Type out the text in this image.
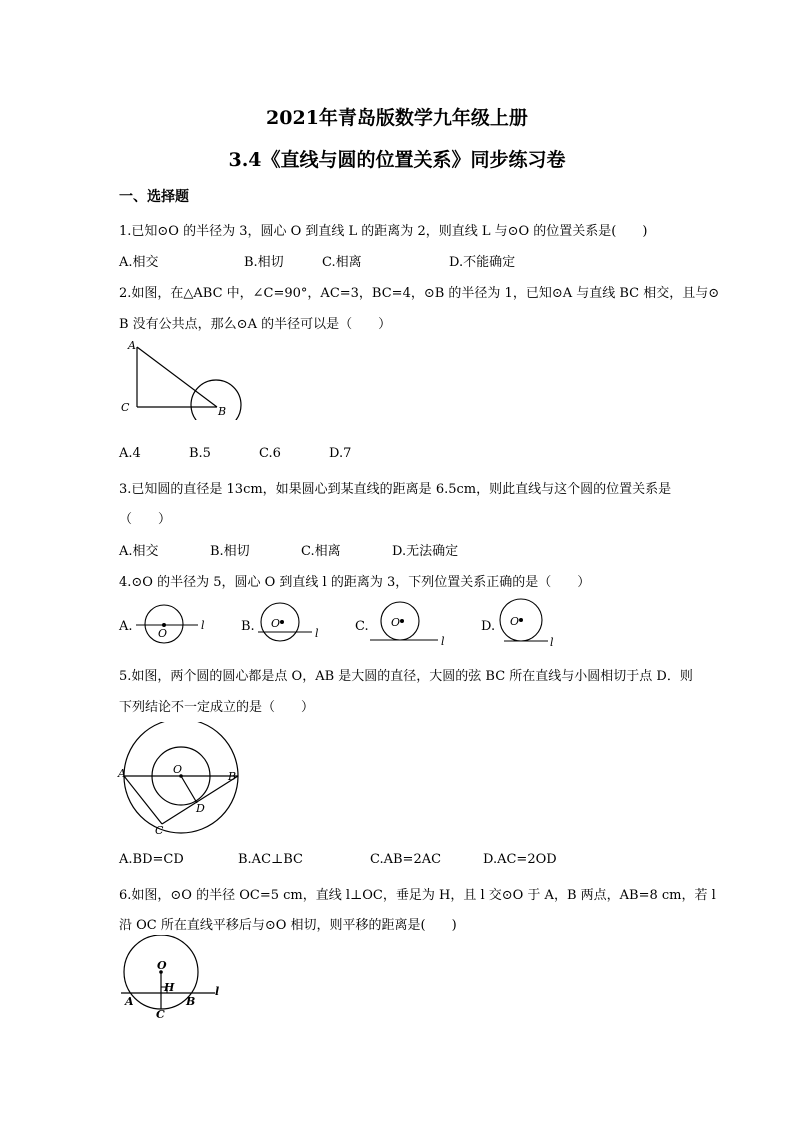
2021年青岛版数学九年级上册
3.4《直线与圆的位置关系》同步练习卷
一、选择题
1.已知⊙O 的半径为 3，圆心 O 到直线 L 的距离为 2，则直线 L 与⊙O 的位置关系是(　　)
A.相交	B.相切	C.相离	D.不能确定
2.如图，在△ABC 中，∠C=90°，AC=3，BC=4，⊙B 的半径为 1，已知⊙A 与直线 BC 相交，且与⊙
B 没有公共点，那么⊙A 的半径可以是（　　）
A
C	B
A.4	B.5	C.6	D.7
3.已知圆的直径是 13cm，如果圆心到某直线的距离是 6.5cm，则此直线与这个圆的位置关系是
（　　）
A.相交	B.相切	C.相离	D.无法确定
4.⊙O 的半径为 5，圆心 O 到直线 l 的距离为 3，下列位置关系正确的是（　　）
A. O
l	B. O
l	C. O
l
D. O
l
5.如图，两个圆的圆心都是点 O，AB 是大圆的直径，大圆的弦 BC 所在直线与小圆相切于点 D．则
下列结论不一定成立的是（　　）
A	B
O
D
C
A.BD=CD	B.AC⊥BC	C.AB=2AC	D.AC=2OD
6.如图，⊙O 的半径 OC=5 cm，直线 l⊥OC，垂足为 H，且 l 交⊙O 于 A，B 两点，AB=8 cm，若 l
沿 OC 所在直线平移后与⊙O 相切，则平移的距离是(　　)
O
H
A	B
C
l
